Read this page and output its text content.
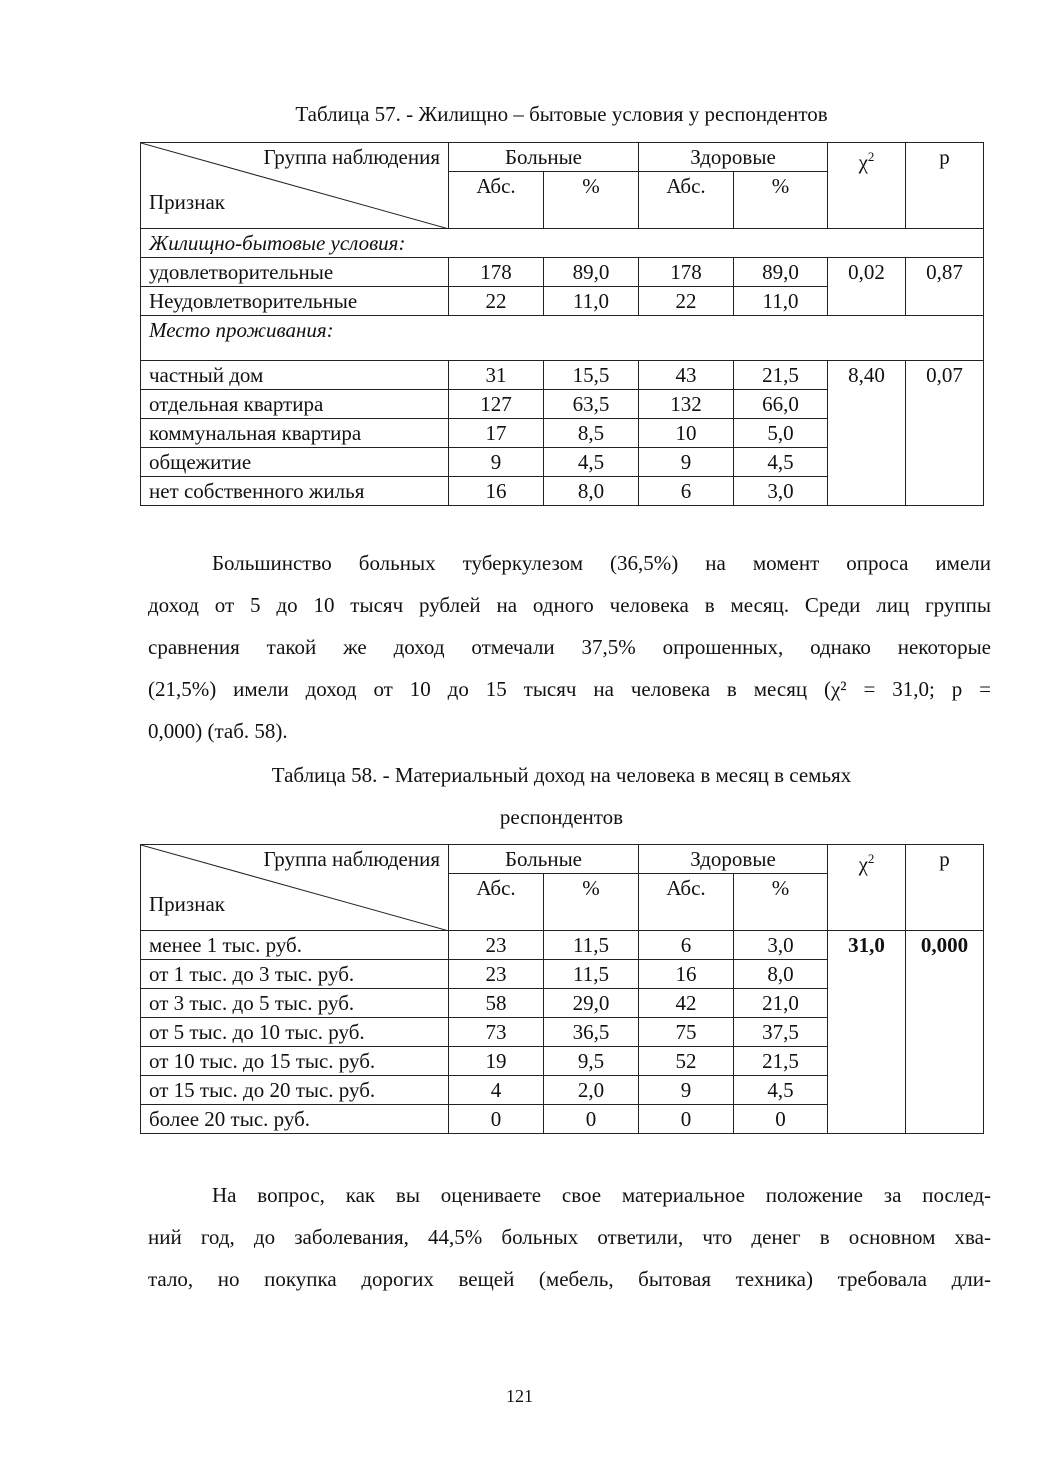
Таблица 57. - Жилищно – бытовые условия у респондентов
Группа наблюдения
Признак	Больные		Здоровые		$\chi^2$	p
	Абс.	%	Абс.	%		
Жилищно-бытовые условия:						
удовлетворительные	178	89,0	178	89,0	0,02	0,87
Неудовлетворительные	22	11,0	22	11,0		
Место проживания:						
частный дом	31	15,5	43	21,5	8,40	0,07
отдельная квартира	127	63,5	132	66,0		
коммунальная квартира	17	8,5	10	5,0		
общежитие	9	4,5	9	4,5		
нет собственного жилья	16	8,0	6	3,0		
Большинство больных туберкулезом (36,5%) на момент опроса имели
доход от 5 до 10 тысяч рублей на одного человека в месяц. Среди лиц группы
сравнения такой же доход отмечали 37,5% опрошенных, однако некоторые
(21,5%) имели доход от 10 до 15 тысяч на человека в месяц (χ² = 31,0; p =
0,000) (таб. 58).
Таблица 58. - Материальный доход на человека в месяц в семьях
респондентов
Группа наблюдения
Признак	Больные		Здоровые		$\chi^2$	p
	Абс.	%	Абс.	%		
менее 1 тыс. руб.	23	11,5	6	3,0	31,0	0,000
от 1 тыс. до 3 тыс. руб.	23	11,5	16	8,0		
от 3 тыс. до 5 тыс. руб.	58	29,0	42	21,0		
от 5 тыс. до 10 тыс. руб.	73	36,5	75	37,5		
от 10 тыс. до 15 тыс. руб.	19	9,5	52	21,5		
от 15 тыс. до 20 тыс. руб.	4	2,0	9	4,5		
более 20 тыс. руб.	0	0	0	0		
На вопрос, как вы оцениваете свое материальное положение за послед-
ний год, до заболевания, 44,5% больных ответили, что денег в основном хва-
тало, но покупка дорогих вещей (мебель, бытовая техника) требовала дли-
121
